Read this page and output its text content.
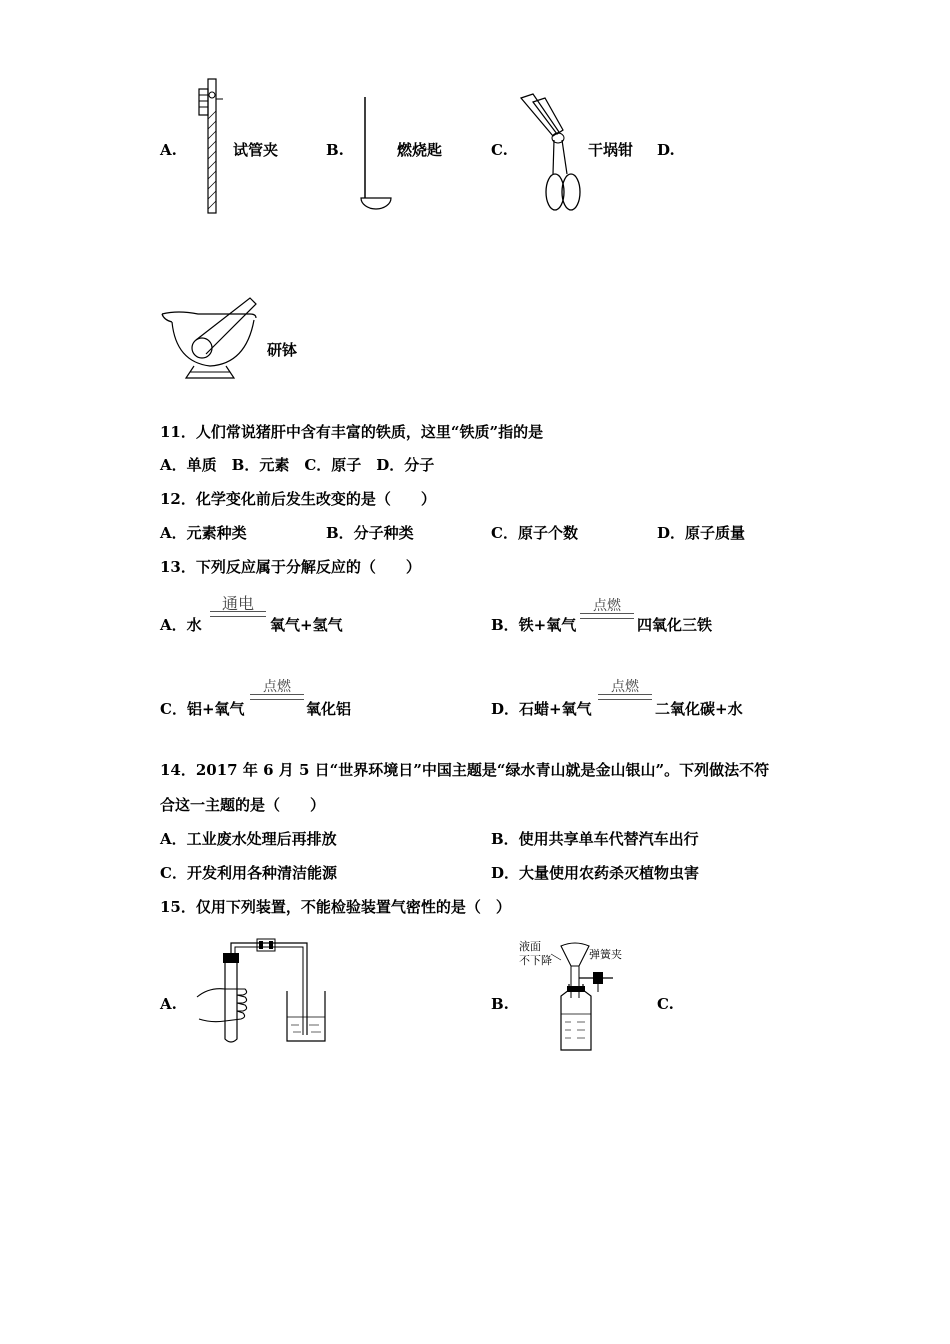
A.	试管夹	B.	燃烧匙	C.	干埚钳 D.
研钵
11．人们常说猪肝中含有丰富的铁质，这里“铁质”指的是
A．单质　B．元素　C．原子　D．分子
12．化学变化前后发生改变的是（　　）
A．元素种类	B．分子种类	C．原子个数	D．原子质量
13．下列反应属于分解反应的（　　）
A．水
通电
氧气+氢气	B．铁+氧气
点燃
四氧化三铁
C．铝+氧气
点燃
氧化铝	D．石蜡+氧气
点燃
二氧化碳+水
14．2017 年 6 月 5 日“世界环境日”中国主题是“绿水青山就是金山银山”。下列做法不符
合这一主题的是（　　）
A．工业废水处理后再排放	B．使用共享单车代替汽车出行
C．开发利用各种清洁能源	D．大量使用农药杀灭植物虫害
15．仅用下列装置，不能检验装置气密性的是（　）
A.	B.
液面
不下降	弹簧夹
C.
